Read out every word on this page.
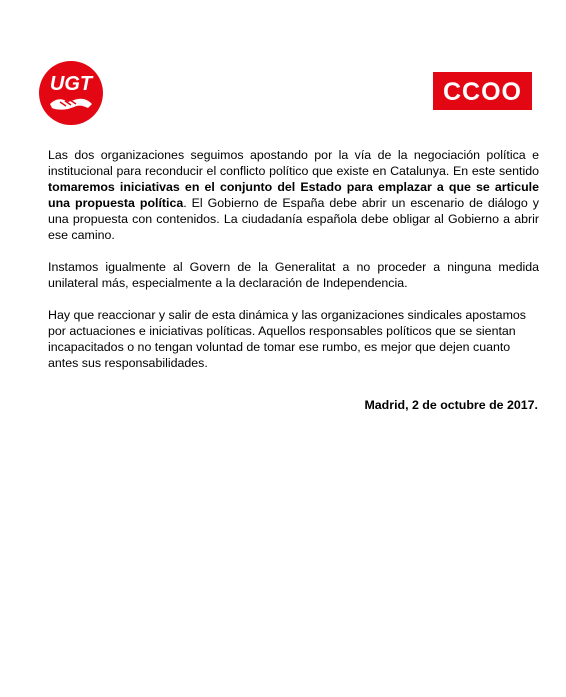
UGT	CCOO

Las dos organizaciones seguimos apostando por la vía de la negociación política e institucional para reconducir el conflicto político que existe en Catalunya. En este sentido tomaremos iniciativas en el conjunto del Estado para emplazar a que se articule una propuesta política. El Gobierno de España debe abrir un escenario de diálogo y una propuesta con contenidos. La ciudadanía española debe obligar al Gobierno a abrir ese camino.

Instamos igualmente al Govern de la Generalitat a no proceder a ninguna medida unilateral más, especialmente a la declaración de Independencia.

Hay que reaccionar y salir de esta dinámica y las organizaciones sindicales apostamos por actuaciones e iniciativas políticas. Aquellos responsables políticos que se sientan incapacitados o no tengan voluntad de tomar ese rumbo, es mejor que dejen cuanto antes sus responsabilidades.

Madrid, 2 de octubre de 2017.
